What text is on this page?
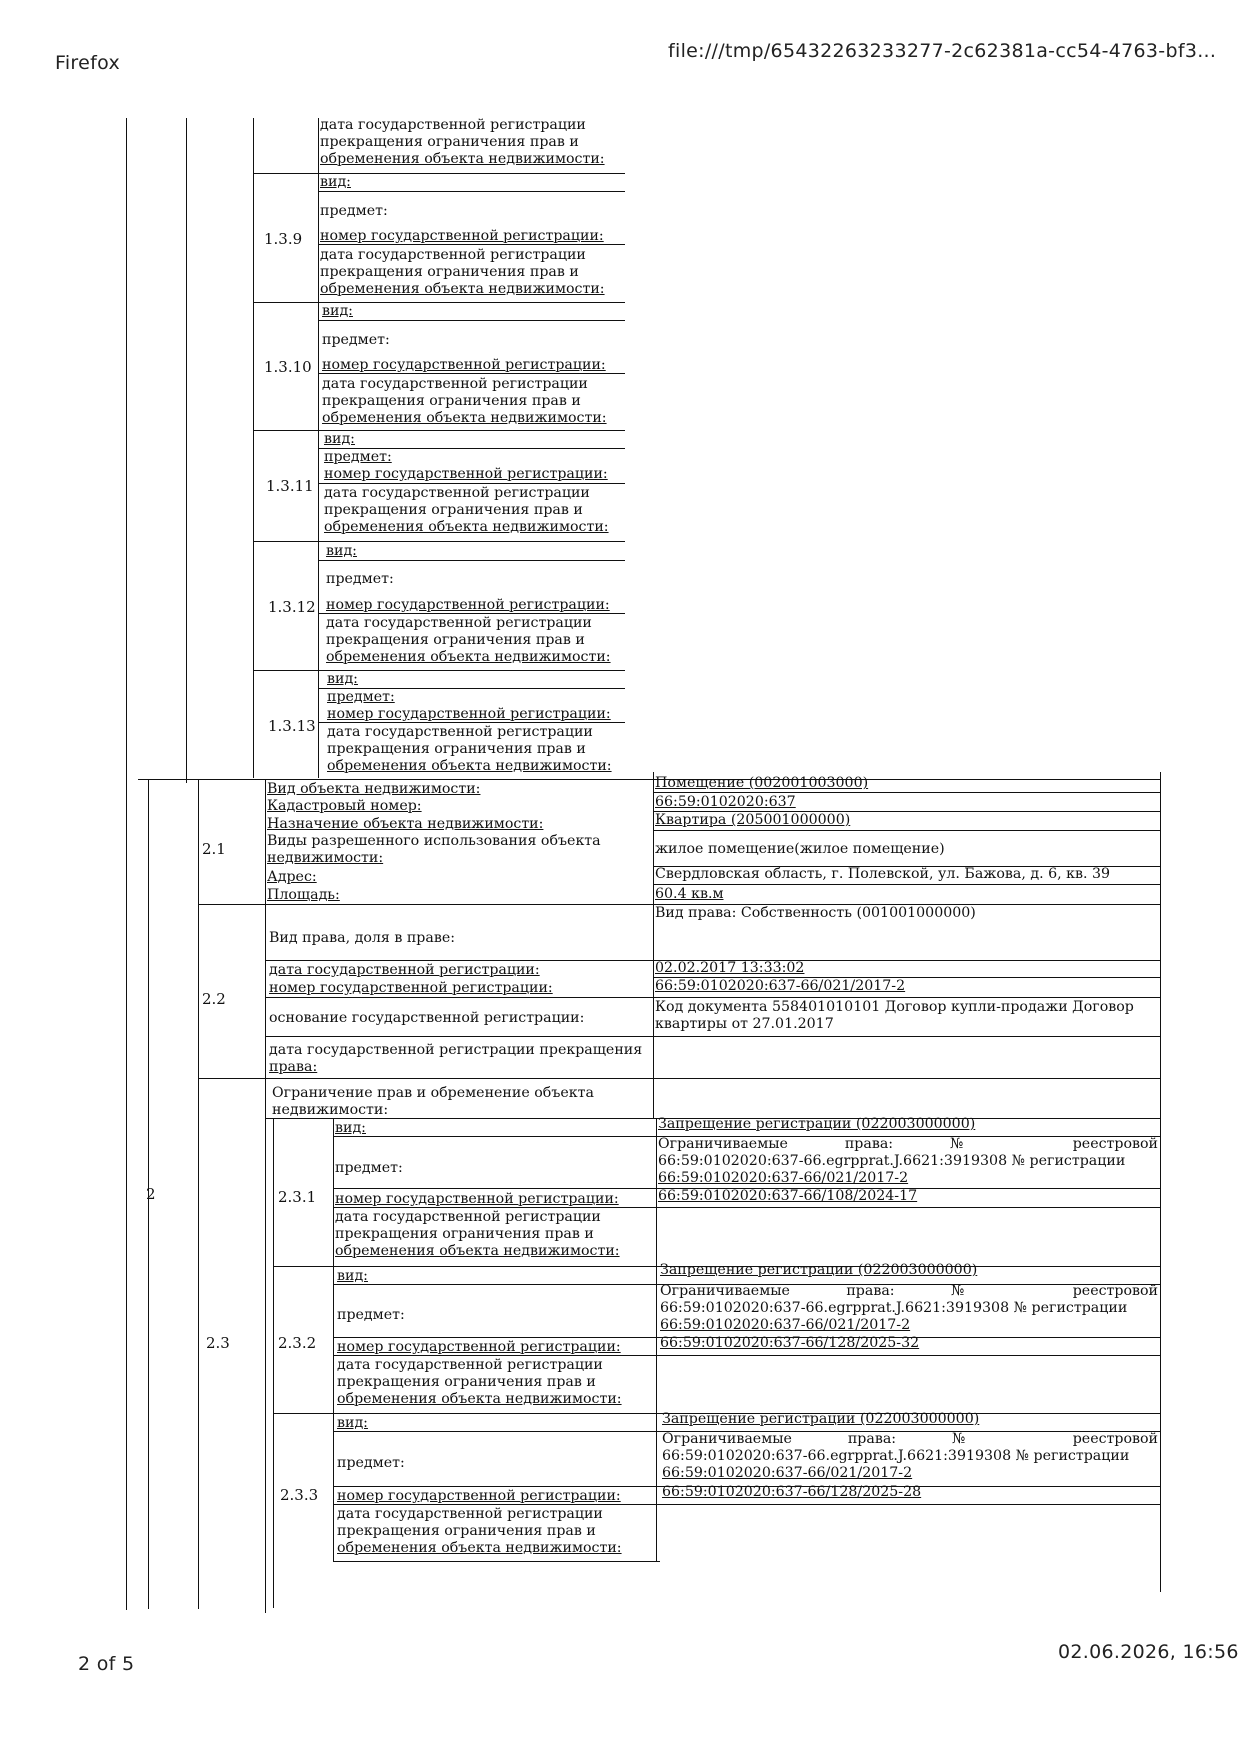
Firefox
file:///tmp/65432263233277-2c62381a-cc54-4763-bf3...
2 of 5
02.06.2026, 16:56
дата государственной регистрации
прекращения ограничения прав и
обременения объекта недвижимости:
1.3.9
вид:
предмет:
номер государственной регистрации:
дата государственной регистрации
прекращения ограничения прав и
обременения объекта недвижимости:
1.3.10
вид:
предмет:
номер государственной регистрации:
дата государственной регистрации
прекращения ограничения прав и
обременения объекта недвижимости:
1.3.11
вид:
предмет:
номер государственной регистрации:
дата государственной регистрации
прекращения ограничения прав и
обременения объекта недвижимости:
1.3.12
вид:
предмет:
номер государственной регистрации:
дата государственной регистрации
прекращения ограничения прав и
обременения объекта недвижимости:
1.3.13
вид:
предмет:
номер государственной регистрации:
дата государственной регистрации
прекращения ограничения прав и
обременения объекта недвижимости:
2
2.1
Вид объекта недвижимости:	Помещение (002001003000)
Кадастровый номер:	66:59:0102020:637
Назначение объекта недвижимости:	Квартира (205001000000)
Виды разрешенного использования объекта
недвижимости:
жилое помещение(жилое помещение)
Адрес:	Свердловская область, г. Полевской, ул. Бажова, д. 6, кв. 39
Площадь:	60.4 кв.м
2.2
Вид права, доля в праве:
Вид права: Собственность (001001000000)
дата государственной регистрации:	02.02.2017 13:33:02
номер государственной регистрации:	66:59:0102020:637-66/021/2017-2
основание государственной регистрации:
Код документа 558401010101 Договор купли-продажи Договор
квартиры от 27.01.2017
дата государственной регистрации прекращения
права:
2.3
Ограничение прав и обременение объекта
недвижимости:
2.3.1
вид:	Запрещение регистрации (022003000000)
предмет:
Ограничиваемые права: № реестровой
66:59:0102020:637-66.egrpprat.J.6621:3919308 № регистрации
66:59:0102020:637-66/021/2017-2
номер государственной регистрации:	66:59:0102020:637-66/108/2024-17
дата государственной регистрации
прекращения ограничения прав и
обременения объекта недвижимости:
2.3.2
вид:	Запрещение регистрации (022003000000)
предмет:
Ограничиваемые права: № реестровой
66:59:0102020:637-66.egrpprat.J.6621:3919308 № регистрации
66:59:0102020:637-66/021/2017-2
номер государственной регистрации:	66:59:0102020:637-66/128/2025-32
дата государственной регистрации
прекращения ограничения прав и
обременения объекта недвижимости:
2.3.3
вид:	Запрещение регистрации (022003000000)
предмет:
Ограничиваемые права: № реестровой
66:59:0102020:637-66.egrpprat.J.6621:3919308 № регистрации
66:59:0102020:637-66/021/2017-2
номер государственной регистрации:	66:59:0102020:637-66/128/2025-28
дата государственной регистрации
прекращения ограничения прав и
обременения объекта недвижимости:
